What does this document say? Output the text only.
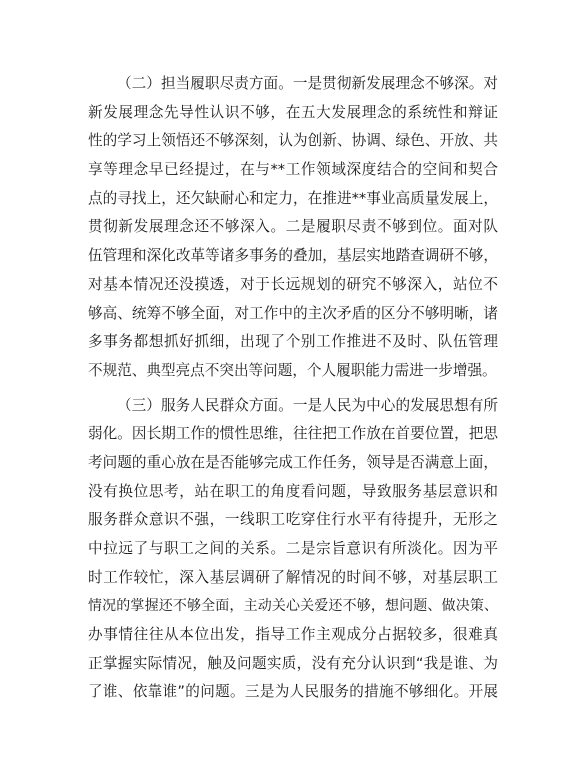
（二）担当履职尽责方面。一是贯彻新发展理念不够深。对
新发展理念先导性认识不够，在五大发展理念的系统性和辩证
性的学习上领悟还不够深刻，认为创新、协调、绿色、开放、共
享等理念早已经提过，在与**工作领域深度结合的空间和契合
点的寻找上，还欠缺耐心和定力，在推进**事业高质量发展上，
贯彻新发展理念还不够深入。二是履职尽责不够到位。面对队
伍管理和深化改革等诸多事务的叠加，基层实地踏查调研不够，
对基本情况还没摸透，对于长远规划的研究不够深入，站位不
够高、统筹不够全面，对工作中的主次矛盾的区分不够明晰，诸
多事务都想抓好抓细，出现了个别工作推进不及时、队伍管理
不规范、典型亮点不突出等问题，个人履职能力需进一步增强。
（三）服务人民群众方面。一是人民为中心的发展思想有所
弱化。因长期工作的惯性思维，往往把工作放在首要位置，把思
考问题的重心放在是否能够完成工作任务，领导是否满意上面，
没有换位思考，站在职工的角度看问题，导致服务基层意识和
服务群众意识不强，一线职工吃穿住行水平有待提升，无形之
中拉远了与职工之间的关系。二是宗旨意识有所淡化。因为平
时工作较忙，深入基层调研了解情况的时间不够，对基层职工
情况的掌握还不够全面，主动关心关爱还不够，想问题、做决策、
办事情往往从本位出发，指导工作主观成分占据较多，很难真
正掌握实际情况，触及问题实质，没有充分认识到“我是谁、为
了谁、依靠谁”的问题。三是为人民服务的措施不够细化。开展
